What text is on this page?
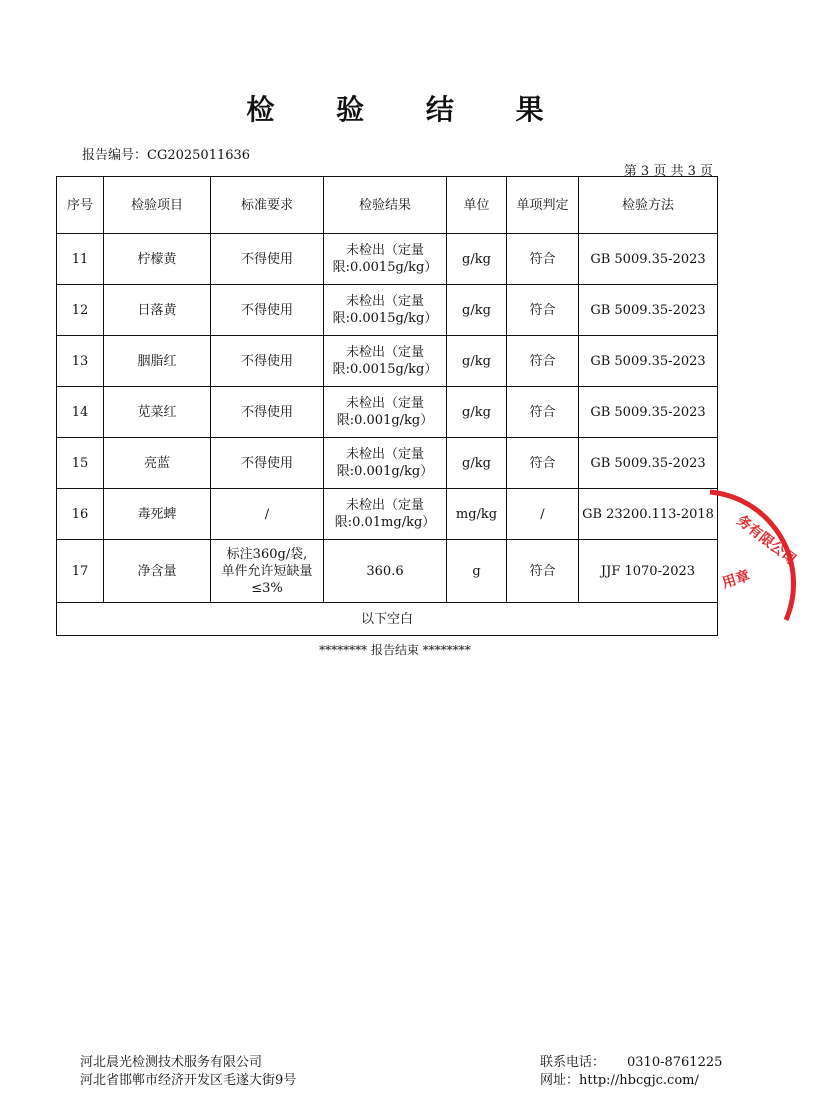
检 验 结 果
报告编号：CG2025011636
第 3 页 共 3 页
序号	检验项目	标准要求	检验结果	单位	单项判定	检验方法
11	柠檬黄	不得使用	未检出（定量
限:0.0015g/kg）	g/kg	符合	GB 5009.35-2023
12	日落黄	不得使用	未检出（定量
限:0.0015g/kg）	g/kg	符合	GB 5009.35-2023
13	胭脂红	不得使用	未检出（定量
限:0.0015g/kg）	g/kg	符合	GB 5009.35-2023
14	苋菜红	不得使用	未检出（定量
限:0.001g/kg）	g/kg	符合	GB 5009.35-2023
15	亮蓝	不得使用	未检出（定量
限:0.001g/kg）	g/kg	符合	GB 5009.35-2023
16	毒死蜱	/	未检出（定量
限:0.01mg/kg）	mg/kg	/	GB 23200.113-2018
17	净含量	标注360g/袋,
单件允许短缺量
≤3%	360.6	g	符合	JJF 1070-2023
以下空白						
******** 报告结束 ********
务有限公司
用章
河北晨光检测技术服务有限公司
河北省邯郸市经济开发区毛遂大街9号
联系电话： 0310-8761225
网址：http://hbcgjc.com/
